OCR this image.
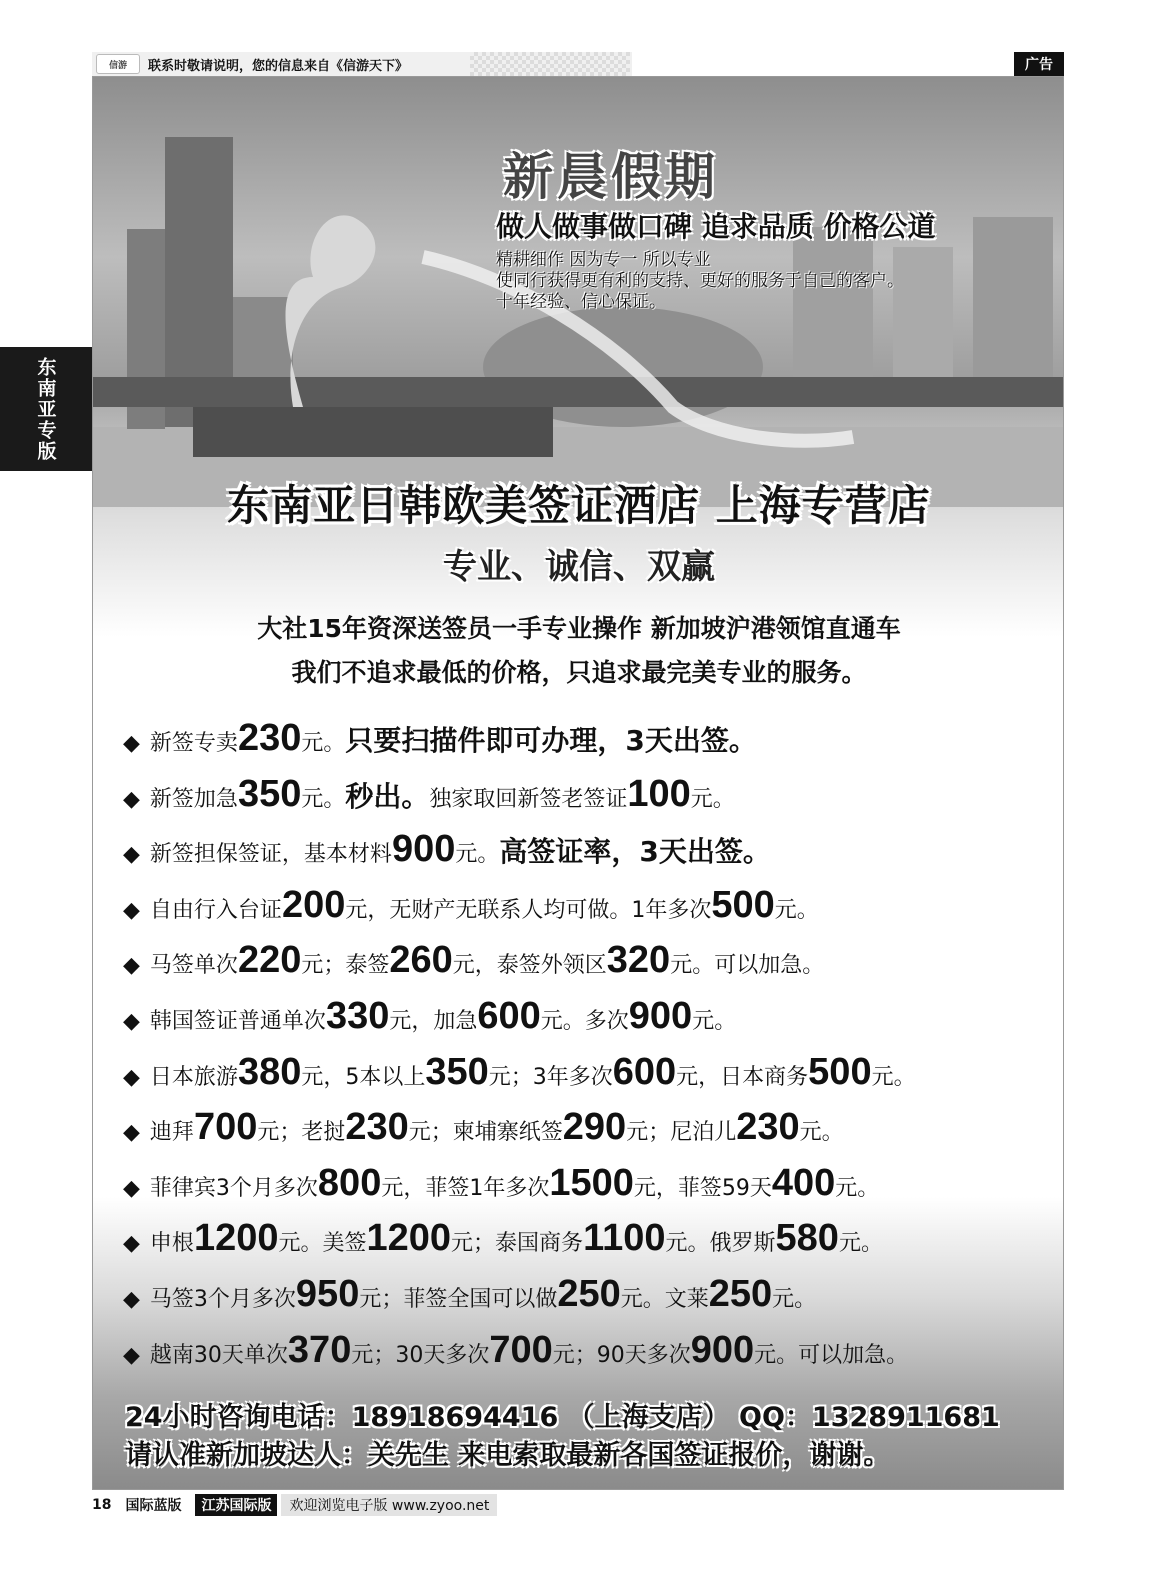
信游	联系时敬请说明，您的信息来自《信游天下》	广告
东南亚专版
新晨假期
做人做事做口碑 追求品质 价格公道
精耕细作 因为专一 所以专业
使同行获得更有利的支持、更好的服务于自己的客户。
十年经验、信心保证。
东南亚日韩欧美签证酒店 上海专营店
专业、诚信、双赢
大社15年资深送签员一手专业操作 新加坡沪港领馆直通车
我们不追求最低的价格，只追求最完美专业的服务。
◆ 新签专卖 230 元。 只要扫描件即可办理，3天出签。
◆ 新签加急 350 元。 秒出。 独家取回新签老签证 100 元。
◆ 新签担保签证，基本材料 900 元。 高签证率，3天出签。
◆ 自由行入台证 200 元，无财产无联系人均可做。1年多次 500 元。
◆ 马签单次 220 元；泰签 260 元，泰签外领区 320 元。可以加急。
◆ 韩国签证普通单次 330 元，加急 600 元。多次 900 元。
◆ 日本旅游 380 元，5本以上 350 元；3年多次 600 元，日本商务 500 元。
◆ 迪拜 700 元；老挝 230 元；柬埔寨纸签 290 元；尼泊儿 230 元。
◆ 菲律宾3个月多次 800 元，菲签1年多次 1500 元，菲签59天 400 元。
◆ 申根 1200 元。美签 1200 元；泰国商务 1100 元。俄罗斯 580 元。
◆ 马签3个月多次 950 元；菲签全国可以做 250 元。文莱 250 元。
◆ 越南30天单次 370 元；30天多次 700 元；90天多次 900 元。可以加急。
24小时咨询电话：18918694416 （上海支店） QQ：1328911681
请认准新加坡达人：关先生 来电索取最新各国签证报价，谢谢。
18 国际蓝版	江苏国际版	欢迎浏览电子版 www.zyoo.net
